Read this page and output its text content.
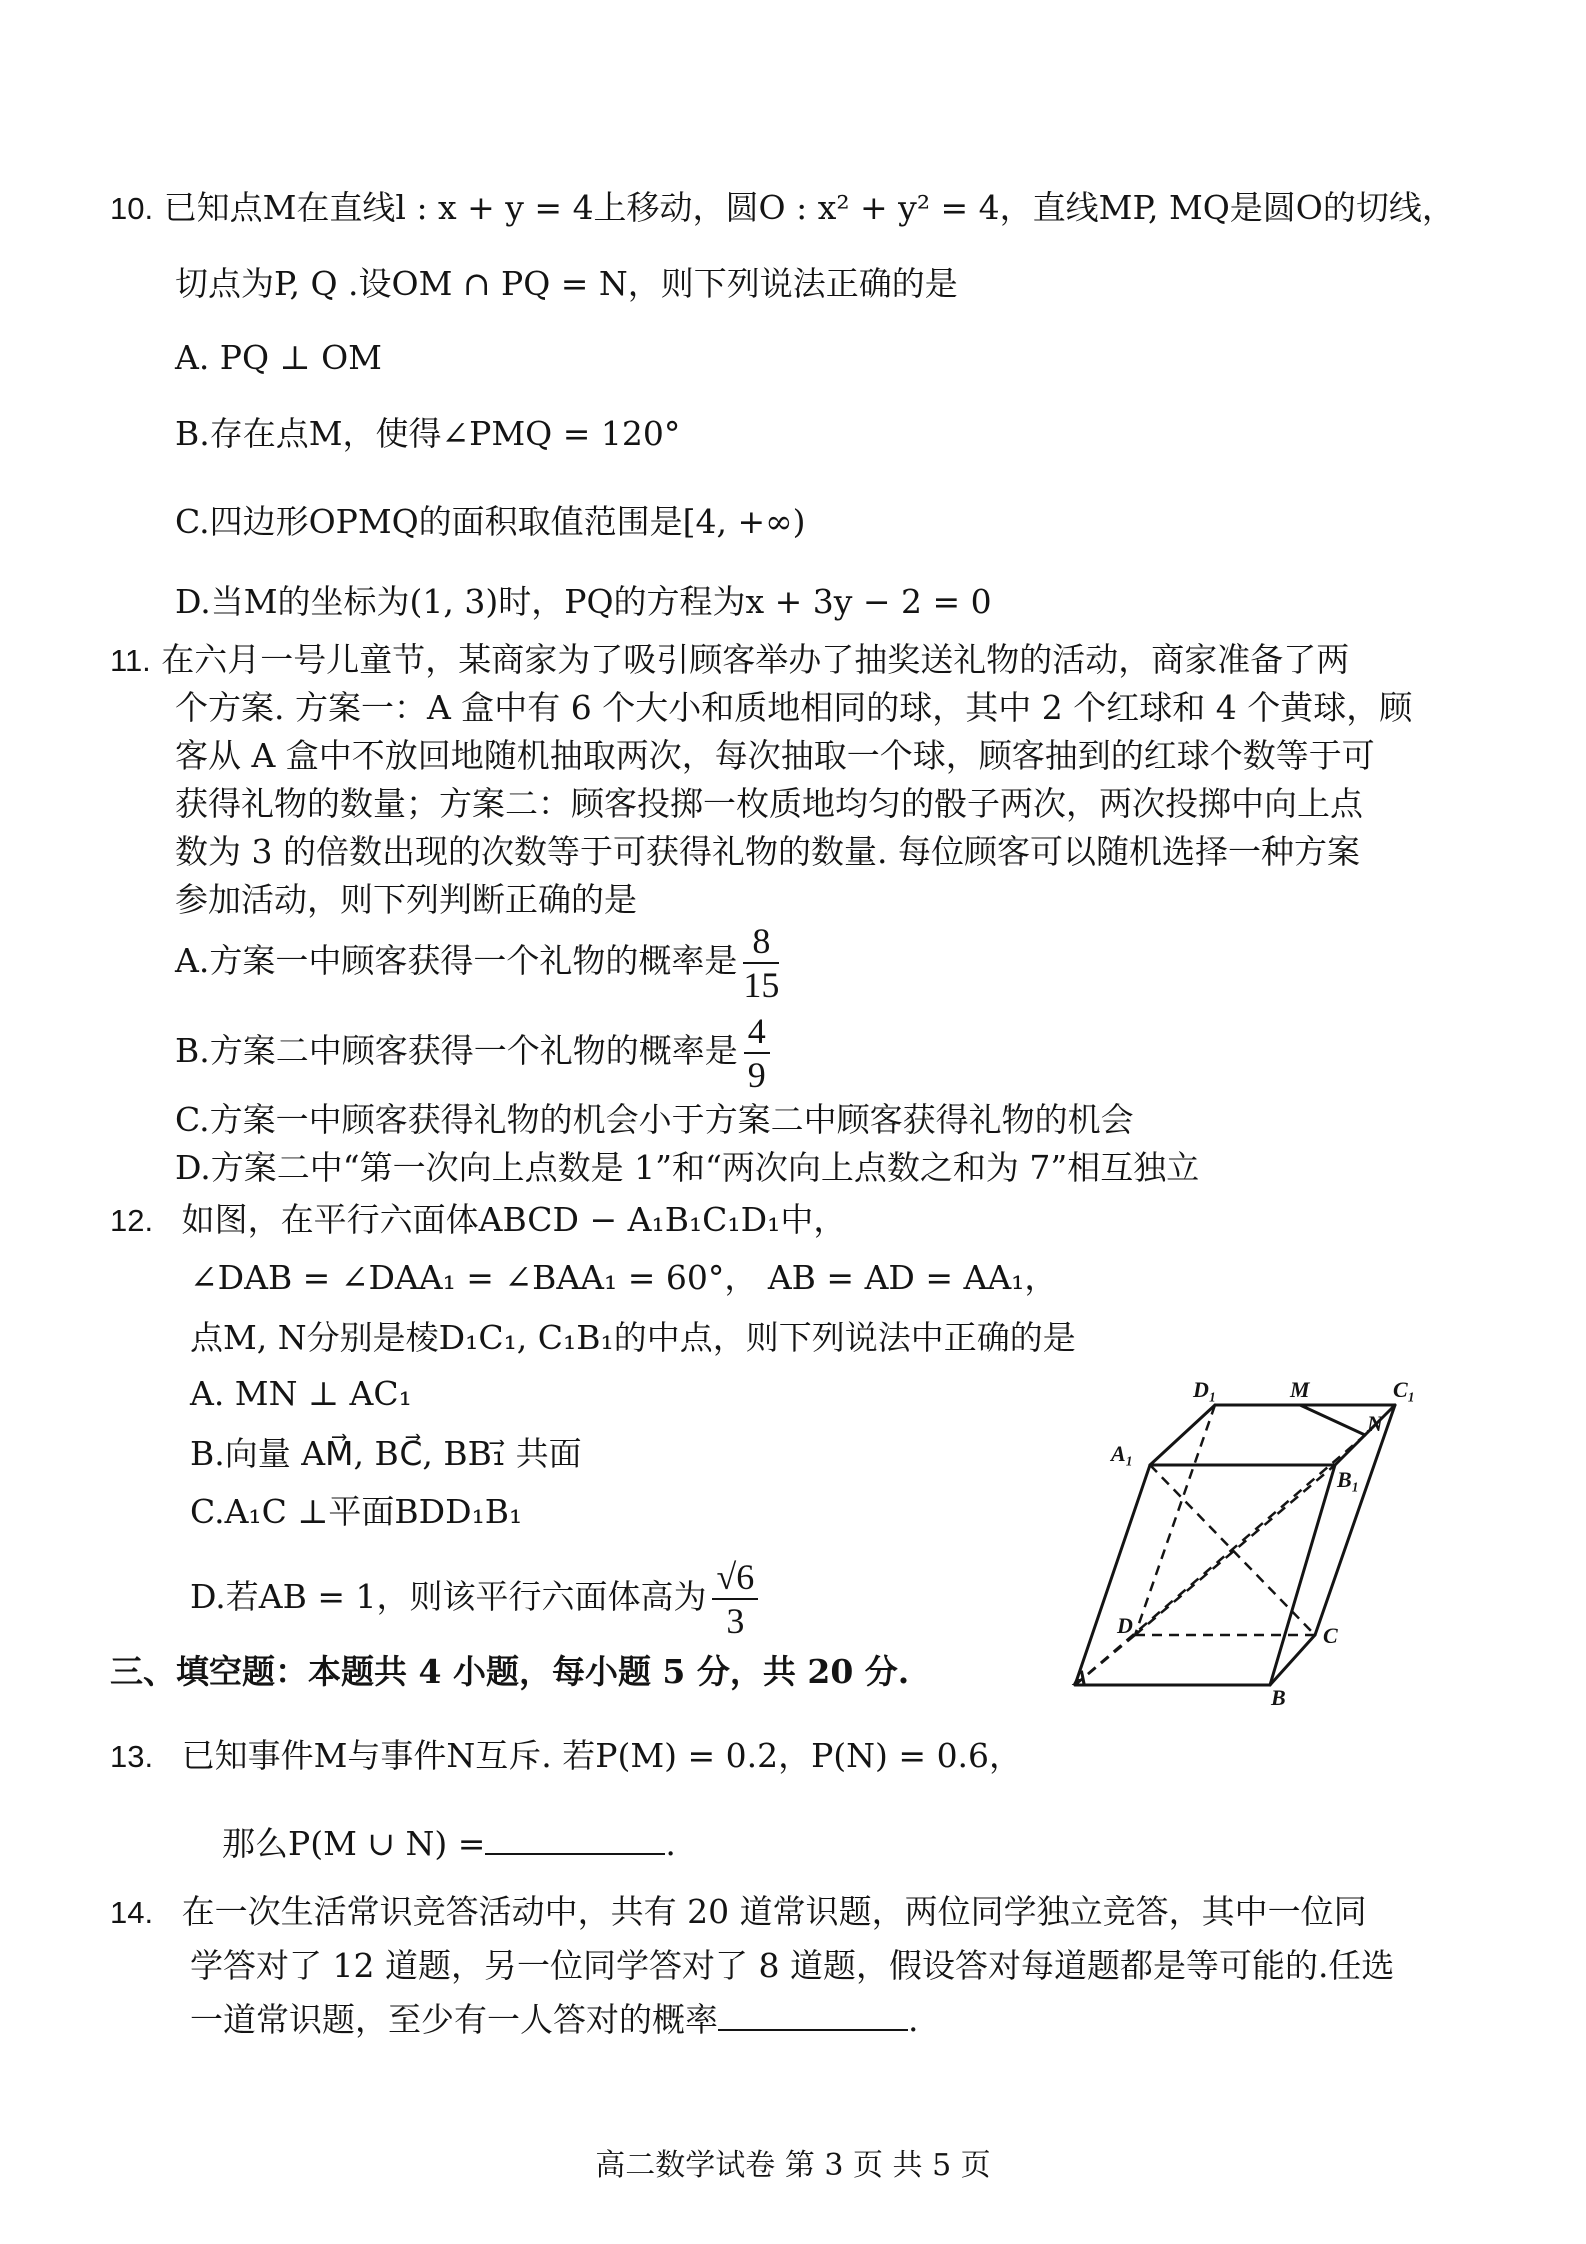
10. 已知点M在直线l : x + y = 4上移动，圆O : x² + y² = 4，直线MP, MQ是圆O的切线，
切点为P, Q .设OM ∩ PQ = N，则下列说法正确的是
A. PQ ⊥ OM
B.存在点M，使得∠PMQ = 120°
C.四边形OPMQ的面积取值范围是[4, +∞)
D.当M的坐标为(1, 3)时，PQ的方程为x + 3y − 2 = 0
11. 在六月一号儿童节，某商家为了吸引顾客举办了抽奖送礼物的活动，商家准备了两
个方案. 方案一：A 盒中有 6 个大小和质地相同的球，其中 2 个红球和 4 个黄球，顾
客从 A 盒中不放回地随机抽取两次，每次抽取一个球，顾客抽到的红球个数等于可
获得礼物的数量；方案二：顾客投掷一枚质地均匀的骰子两次，两次投掷中向上点
数为 3 的倍数出现的次数等于可获得礼物的数量. 每位顾客可以随机选择一种方案
参加活动，则下列判断正确的是
A.方案一中顾客获得一个礼物的概率是 $\frac{8}{15}$
B.方案二中顾客获得一个礼物的概率是 $\frac{4}{9}$
C.方案一中顾客获得礼物的机会小于方案二中顾客获得礼物的机会
D.方案二中“第一次向上点数是 1”和“两次向上点数之和为 7”相互独立
12. 如图，在平行六面体ABCD − A₁B₁C₁D₁中，
∠DAB = ∠DAA₁ = ∠BAA₁ = 60°， AB = AD = AA₁，
点M, N分别是棱D₁C₁, C₁B₁的中点，则下列说法中正确的是
A. MN ⊥ AC₁
B.向量 AM⃗, BC⃗, BB₁⃗ 共面
C.A₁C ⊥平面BDD₁B₁
D.若AB = 1，则该平行六面体高为 $\frac{√6}{3}$
D₁	M	C₁
N
A₁
B₁
D	C
A
B
三、填空题：本题共 4 小题，每小题 5 分，共 20 分.
13. 已知事件M与事件N互斥. 若P(M) = 0.2，P(N) = 0.6，
那么P(M ∪ N) =	.
14. 在一次生活常识竞答活动中，共有 20 道常识题，两位同学独立竞答，其中一位同
学答对了 12 道题，另一位同学答对了 8 道题，假设答对每道题都是等可能的.任选
一道常识题，至少有一人答对的概率	.
高二数学试卷 第 3 页 共 5 页
